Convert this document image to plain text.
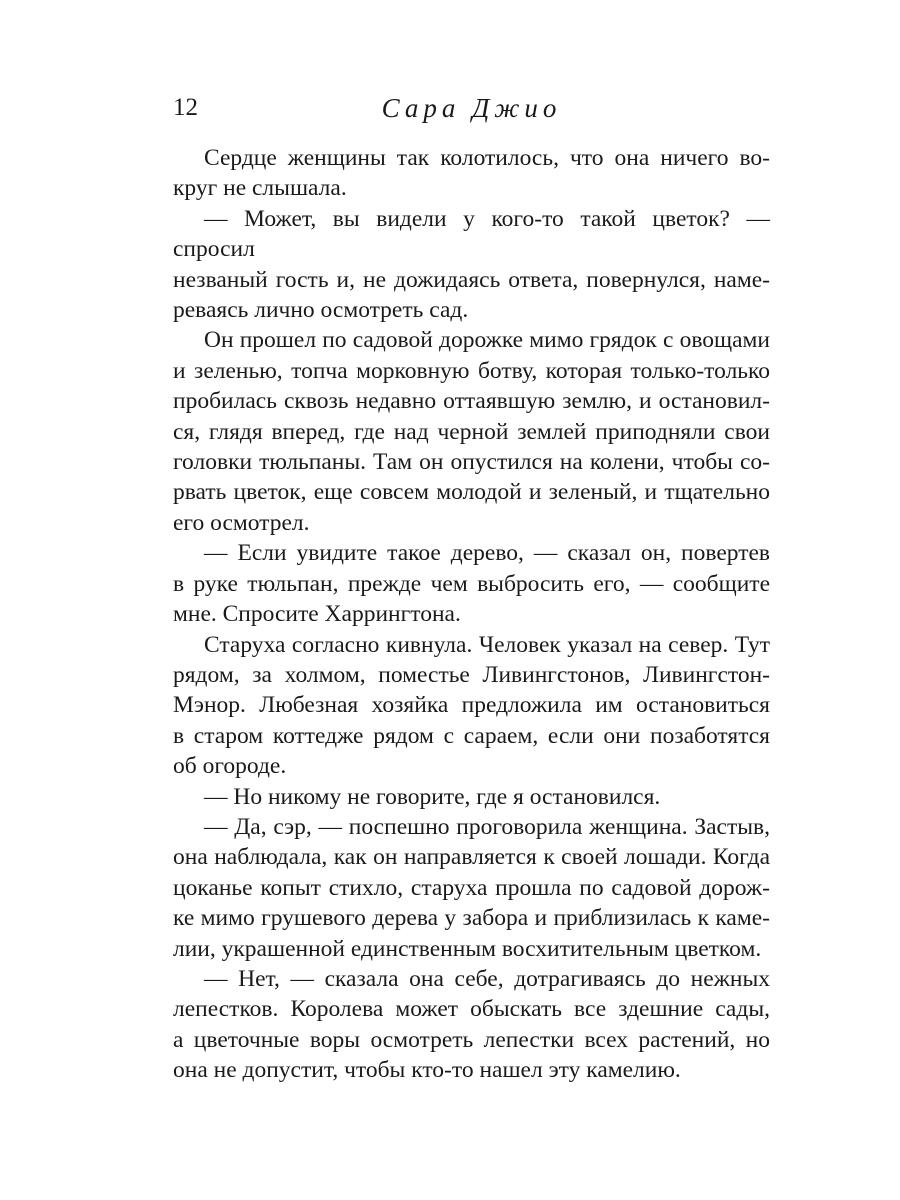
12	Сара Джио
Сердце женщины так колотилось, что она ничего во-
круг не слышала.
— Может, вы видели у кого-то такой цветок? — спросил
незваный гость и, не дожидаясь ответа, повернулся, наме-
реваясь лично осмотреть сад.
Он прошел по садовой дорожке мимо грядок с овощами
и зеленью, топча морковную ботву, которая только-только
пробилась сквозь недавно оттаявшую землю, и остановил-
ся, глядя вперед, где над черной землей приподняли свои
головки тюльпаны. Там он опустился на колени, чтобы со-
рвать цветок, еще совсем молодой и зеленый, и тщательно
его осмотрел.
— Если увидите такое дерево, — сказал он, повертев
в руке тюльпан, прежде чем выбросить его, — сообщите
мне. Спросите Харрингтона.
Старуха согласно кивнула. Человек указал на север. Тут
рядом, за холмом, поместье Ливингстонов, Ливингстон-
Мэнор. Любезная хозяйка предложила им остановиться
в старом коттедже рядом с сараем, если они позаботятся
об огороде.
— Но никому не говорите, где я остановился.
— Да, сэр, — поспешно проговорила женщина. Застыв,
она наблюдала, как он направляется к своей лошади. Когда
цоканье копыт стихло, старуха прошла по садовой дорож-
ке мимо грушевого дерева у забора и приблизилась к каме-
лии, украшенной единственным восхитительным цветком.
— Нет, — сказала она себе, дотрагиваясь до нежных
лепестков. Королева может обыскать все здешние сады,
а цветочные воры осмотреть лепестки всех растений, но
она не допустит, чтобы кто-то нашел эту камелию.
